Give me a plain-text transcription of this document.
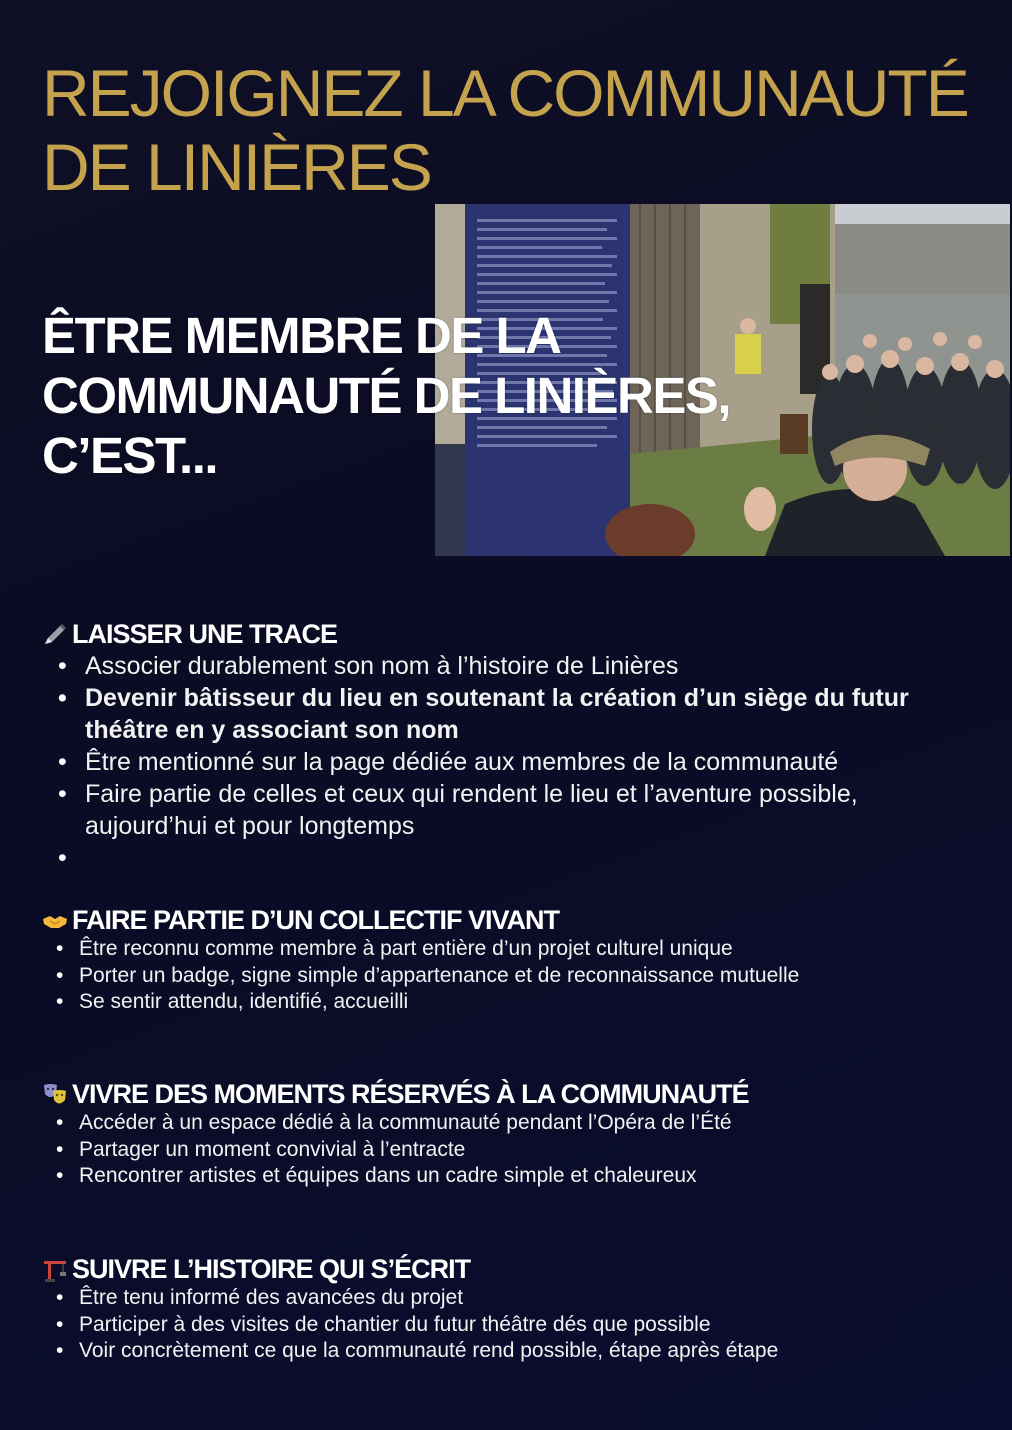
REJOIGNEZ LA COMMUNAUTÉ DE LINIÈRES
ÊTRE MEMBRE DE LA COMMUNAUTÉ DE LINIÈRES, C’EST...
LAISSER UNE TRACE
• Associer durablement son nom à l’histoire de Linières
• Devenir bâtisseur du lieu en soutenant la création d’un siège du futur théâtre en y associant son nom
• Être mentionné sur la page dédiée aux membres de la communauté
• Faire partie de celles et ceux qui rendent le lieu et l’aventure possible, aujourd’hui et pour longtemps
•
FAIRE PARTIE D’UN COLLECTIF VIVANT
• Être reconnu comme membre à part entière d’un projet culturel unique
• Porter un badge, signe simple d’appartenance et de reconnaissance mutuelle
• Se sentir attendu, identifié, accueilli
VIVRE DES MOMENTS RÉSERVÉS À LA COMMUNAUTÉ
• Accéder à un espace dédié à la communauté pendant l’Opéra de l’Été
• Partager un moment convivial à l’entracte
• Rencontrer artistes et équipes dans un cadre simple et chaleureux
SUIVRE L’HISTOIRE QUI S’ÉCRIT
• Être tenu informé des avancées du projet
• Participer à des visites de chantier du futur théâtre dés que possible
• Voir concrètement ce que la communauté rend possible, étape après étape
